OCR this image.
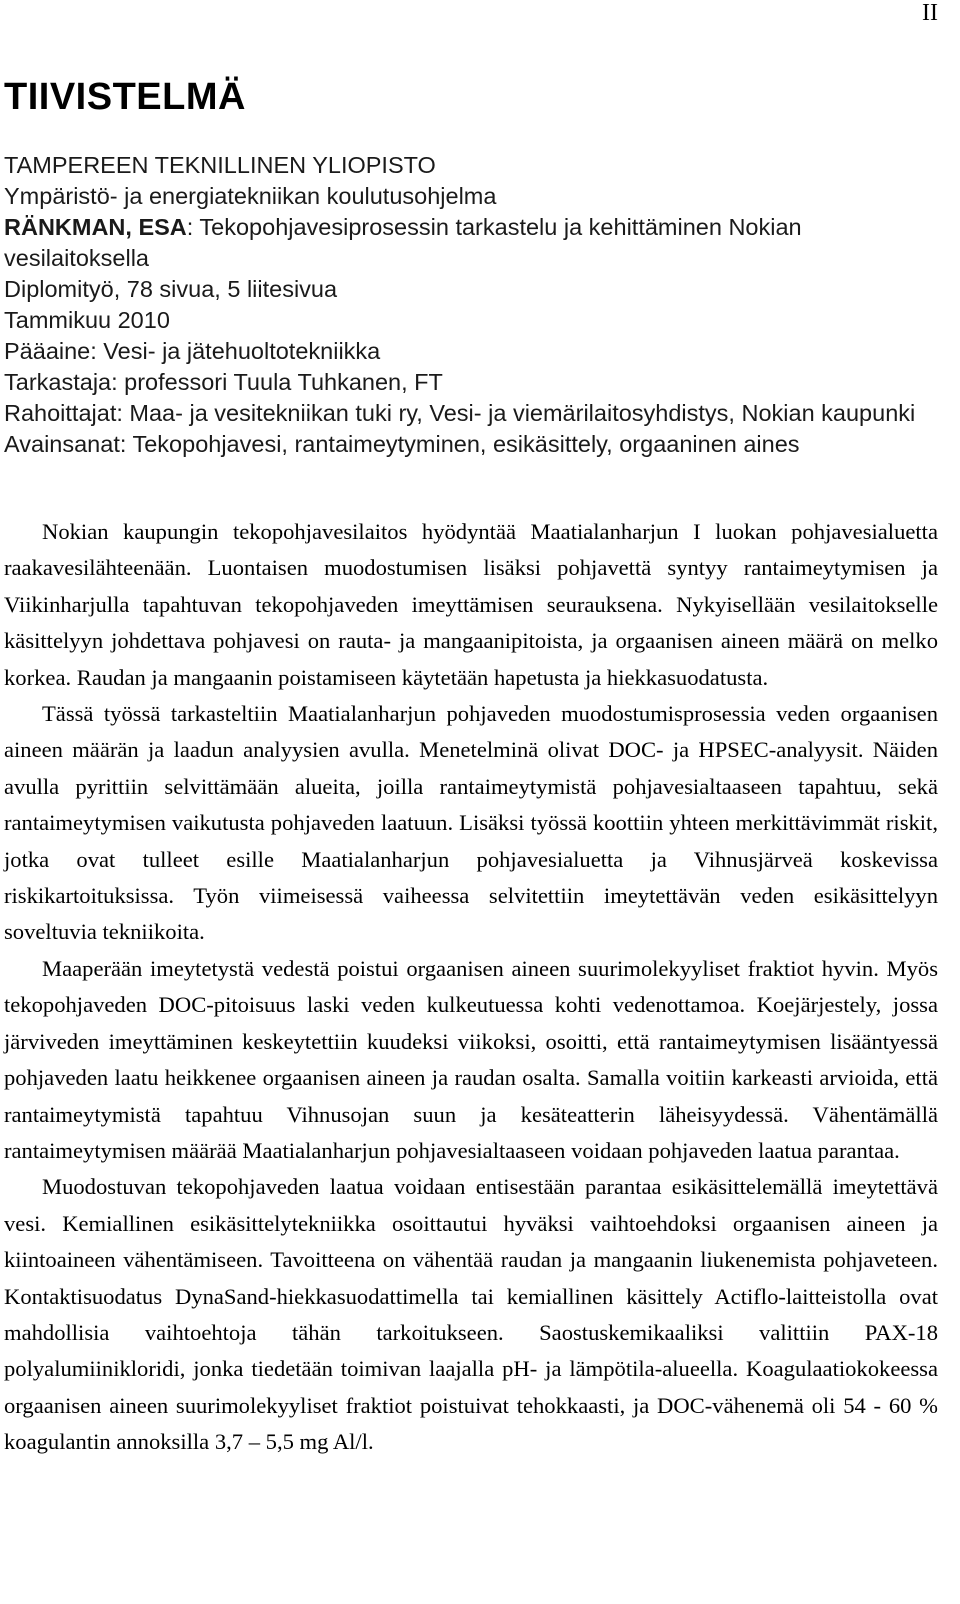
II
TIIVISTELMÄ
TAMPEREEN TEKNILLINEN YLIOPISTO
Ympäristö- ja energiatekniikan koulutusohjelma
RÄNKMAN, ESA: Tekopohjavesiprosessin tarkastelu ja kehittäminen Nokian vesilaitoksella
Diplomityö, 78 sivua, 5 liitesivua
Tammikuu 2010
Pääaine: Vesi- ja jätehuoltotekniikka
Tarkastaja: professori Tuula Tuhkanen, FT
Rahoittajat: Maa- ja vesitekniikan tuki ry, Vesi- ja viemärilaitosyhdistys, Nokian kaupunki
Avainsanat: Tekopohjavesi, rantaimeytyminen, esikäsittely, orgaaninen aines

Nokian kaupungin tekopohjavesilaitos hyödyntää Maatialanharjun I luokan pohjavesialuetta raakavesilähteenään. Luontaisen muodostumisen lisäksi pohjavettä syntyy rantaimeytymisen ja Viikinharjulla tapahtuvan tekopohjaveden imeyttämisen seurauksena. Nykyisellään vesilaitokselle käsittelyyn johdettava pohjavesi on rauta- ja mangaanipitoista, ja orgaanisen aineen määrä on melko korkea. Raudan ja mangaanin poistamiseen käytetään hapetusta ja hiekkasuodatusta.

Tässä työssä tarkasteltiin Maatialanharjun pohjaveden muodostumisprosessia veden orgaanisen aineen määrän ja laadun analyysien avulla. Menetelminä olivat DOC- ja HPSEC-analyysit. Näiden avulla pyrittiin selvittämään alueita, joilla rantaimeytymistä pohjavesialtaaseen tapahtuu, sekä rantaimeytymisen vaikutusta pohjaveden laatuun. Lisäksi työssä koottiin yhteen merkittävimmät riskit, jotka ovat tulleet esille Maatialanharjun pohjavesialuetta ja Vihnusjärveä koskevissa riskikartoituksissa. Työn viimeisessä vaiheessa selvitettiin imeytettävän veden esikäsittelyyn soveltuvia tekniikoita.

Maaperään imeytetystä vedestä poistui orgaanisen aineen suurimolekyyliset fraktiot hyvin. Myös tekopohjaveden DOC-pitoisuus laski veden kulkeutuessa kohti vedenottamoa. Koejärjestely, jossa järviveden imeyttäminen keskeytettiin kuudeksi viikoksi, osoitti, että rantaimeytymisen lisääntyessä pohjaveden laatu heikkenee orgaanisen aineen ja raudan osalta. Samalla voitiin karkeasti arvioida, että rantaimeytymistä tapahtuu Vihnusojan suun ja kesäteatterin läheisyydessä. Vähentämällä rantaimeytymisen määrää Maatialanharjun pohjavesialtaaseen voidaan pohjaveden laatua parantaa.

Muodostuvan tekopohjaveden laatua voidaan entisestään parantaa esikäsittelemällä imeytettävä vesi. Kemiallinen esikäsittelytekniikka osoittautui hyväksi vaihtoehdoksi orgaanisen aineen ja kiintoaineen vähentämiseen. Tavoitteena on vähentää raudan ja mangaanin liukenemista pohjaveteen. Kontaktisuodatus DynaSand-hiekkasuodattimella tai kemiallinen käsittely Actiflo-laitteistolla ovat mahdollisia vaihtoehtoja tähän tarkoitukseen. Saostuskemikaaliksi valittiin PAX-18 polyalumiinikloridi, jonka tiedetään toimivan laajalla pH- ja lämpötila-alueella. Koagulaatiokokeessa orgaanisen aineen suurimolekyyliset fraktiot poistuivat tehokkaasti, ja DOC-vähenemä oli 54 - 60 % koagulantin annoksilla 3,7 – 5,5 mg Al/l.
